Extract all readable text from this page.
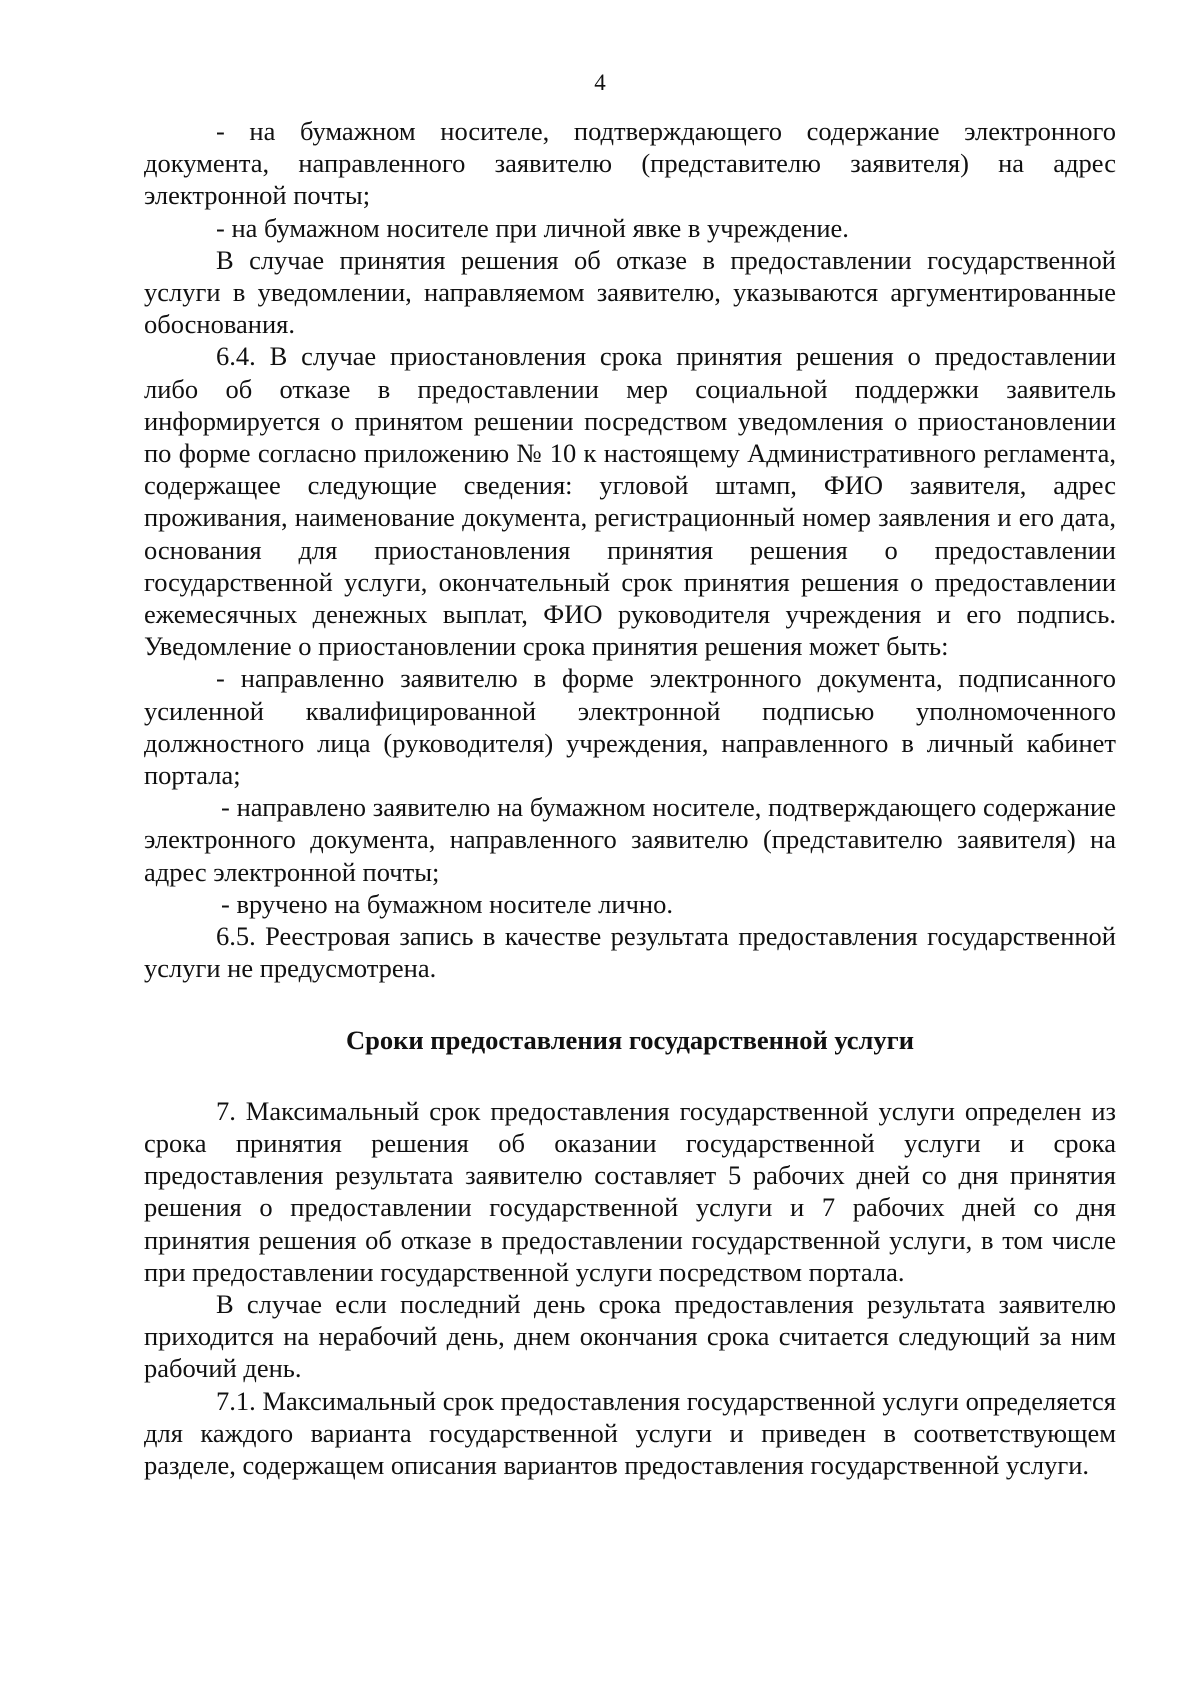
4

- на бумажном носителе, подтверждающего содержание электронного документа, направленного заявителю (представителю заявителя) на адрес электронной почты;

- на бумажном носителе при личной явке в учреждение.

В случае принятия решения об отказе в предоставлении государственной услуги в уведомлении, направляемом заявителю, указываются аргументированные обоснования.

6.4. В случае приостановления срока принятия решения о предоставлении либо об отказе в предоставлении мер социальной поддержки заявитель информируется о принятом решении посредством уведомления о приостановлении по форме согласно приложению № 10 к настоящему Административного регламента, содержащее следующие сведения: угловой штамп, ФИО заявителя, адрес проживания, наименование документа, регистрационный номер заявления и его дата, основания для приостановления принятия решения о предоставлении государственной услуги, окончательный срок принятия решения о предоставлении ежемесячных денежных выплат, ФИО руководителя учреждения и его подпись. Уведомление о приостановлении срока принятия решения может быть:

- направленно заявителю в форме электронного документа, подписанного усиленной квалифицированной электронной подписью уполномоченного должностного лица (руководителя) учреждения, направленного в личный кабинет портала;

- направлено заявителю на бумажном носителе, подтверждающего содержание электронного документа, направленного заявителю (представителю заявителя) на адрес электронной почты;

- вручено на бумажном носителе лично.

6.5. Реестровая запись в качестве результата предоставления государственной услуги не предусмотрена.

Сроки предоставления государственной услуги

7. Максимальный срок предоставления государственной услуги определен из срока принятия решения об оказании государственной услуги и срока предоставления результата заявителю составляет 5 рабочих дней со дня принятия решения о предоставлении государственной услуги и 7 рабочих дней со дня принятия решения об отказе в предоставлении государственной услуги, в том числе при предоставлении государственной услуги посредством портала.

В случае если последний день срока предоставления результата заявителю приходится на нерабочий день, днем окончания срока считается следующий за ним рабочий день.

7.1. Максимальный срок предоставления государственной услуги определяется для каждого варианта государственной услуги и приведен в соответствующем разделе, содержащем описания вариантов предоставления государственной услуги.
